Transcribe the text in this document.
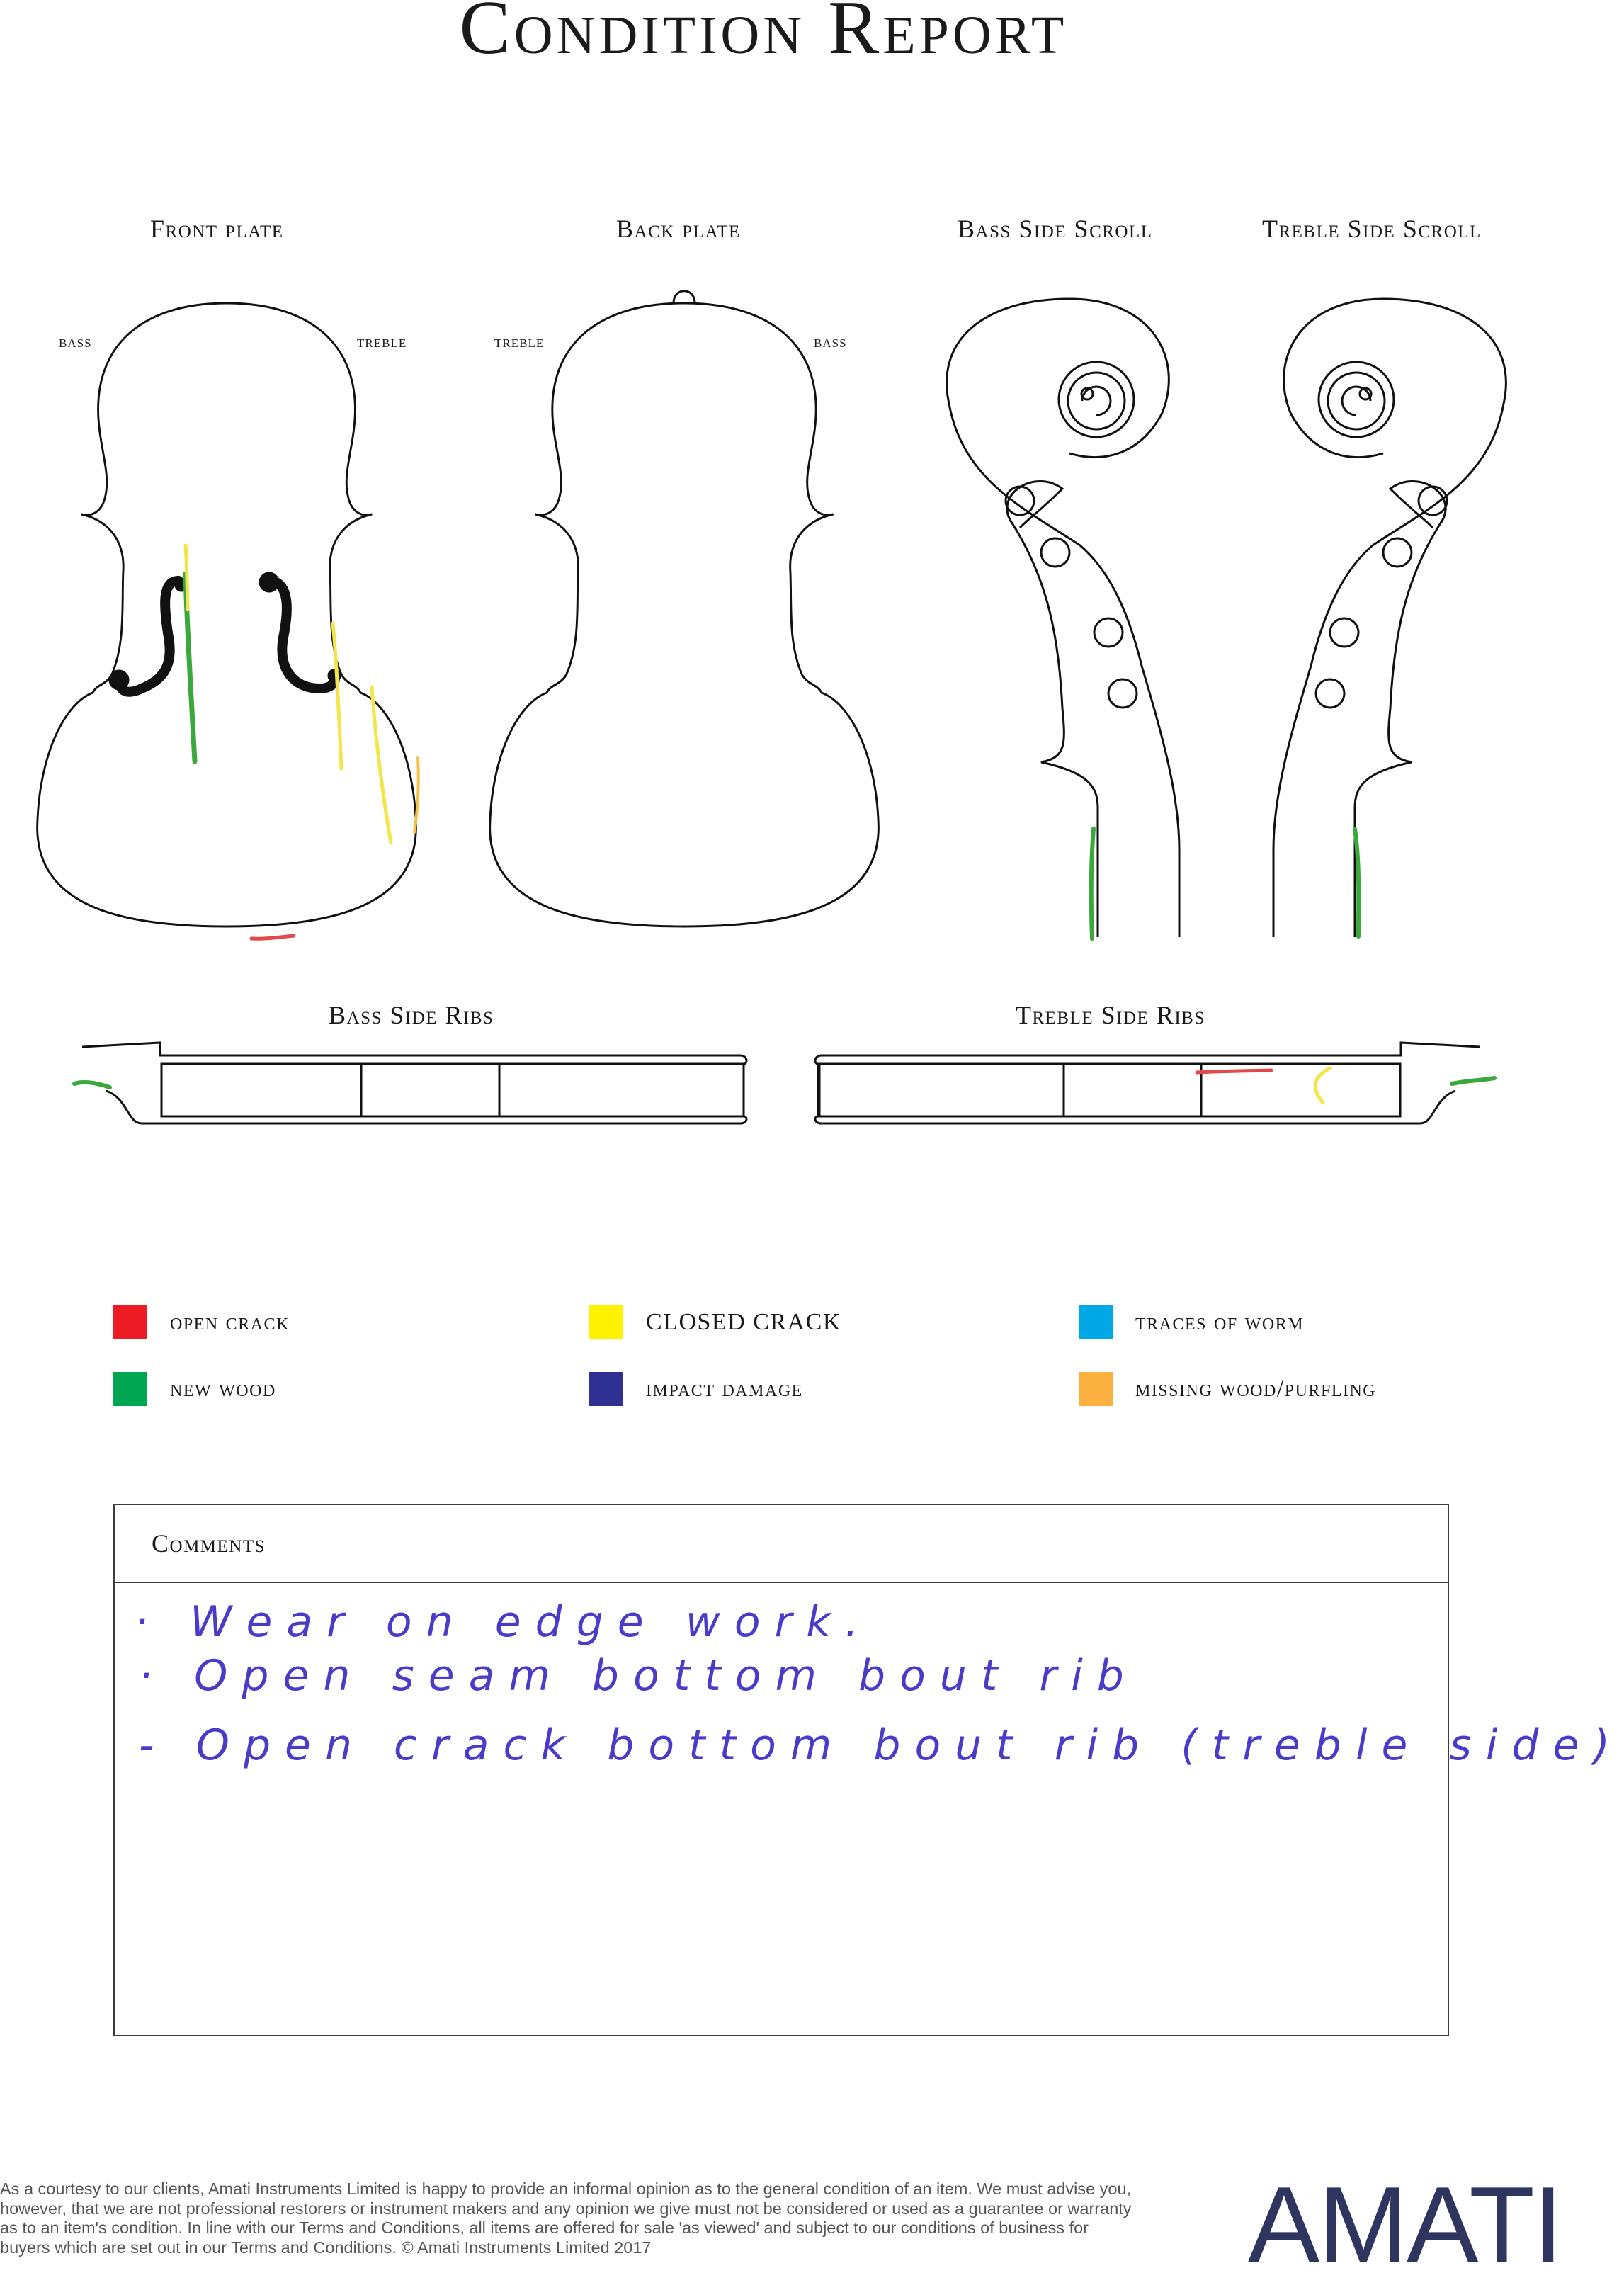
Condition Report
Front plate	Back plate	Bass Side Scroll	Treble Side Scroll
Bass Side Ribs	Treble Side Ribs
bass	treble	treble	bass
open crack	CLOSED CRACK	traces of worm
new wood	impact damage	missing wood/purfling
Comments
· Wear on edge work.
· Open seam bottom bout rib
- Open crack bottom bout rib (treble side)
As a courtesy to our clients, Amati Instruments Limited is happy to provide an informal opinion as to the general condition of an item. We must advise you, however, that we are not professional restorers or instrument makers and any opinion we give must not be considered or used as a guarantee or warranty as to an item's condition. In line with our Terms and Conditions, all items are offered for sale 'as viewed' and subject to our conditions of business for buyers which are set out in our Terms and Conditions. © Amati Instruments Limited 2017	AMATI
